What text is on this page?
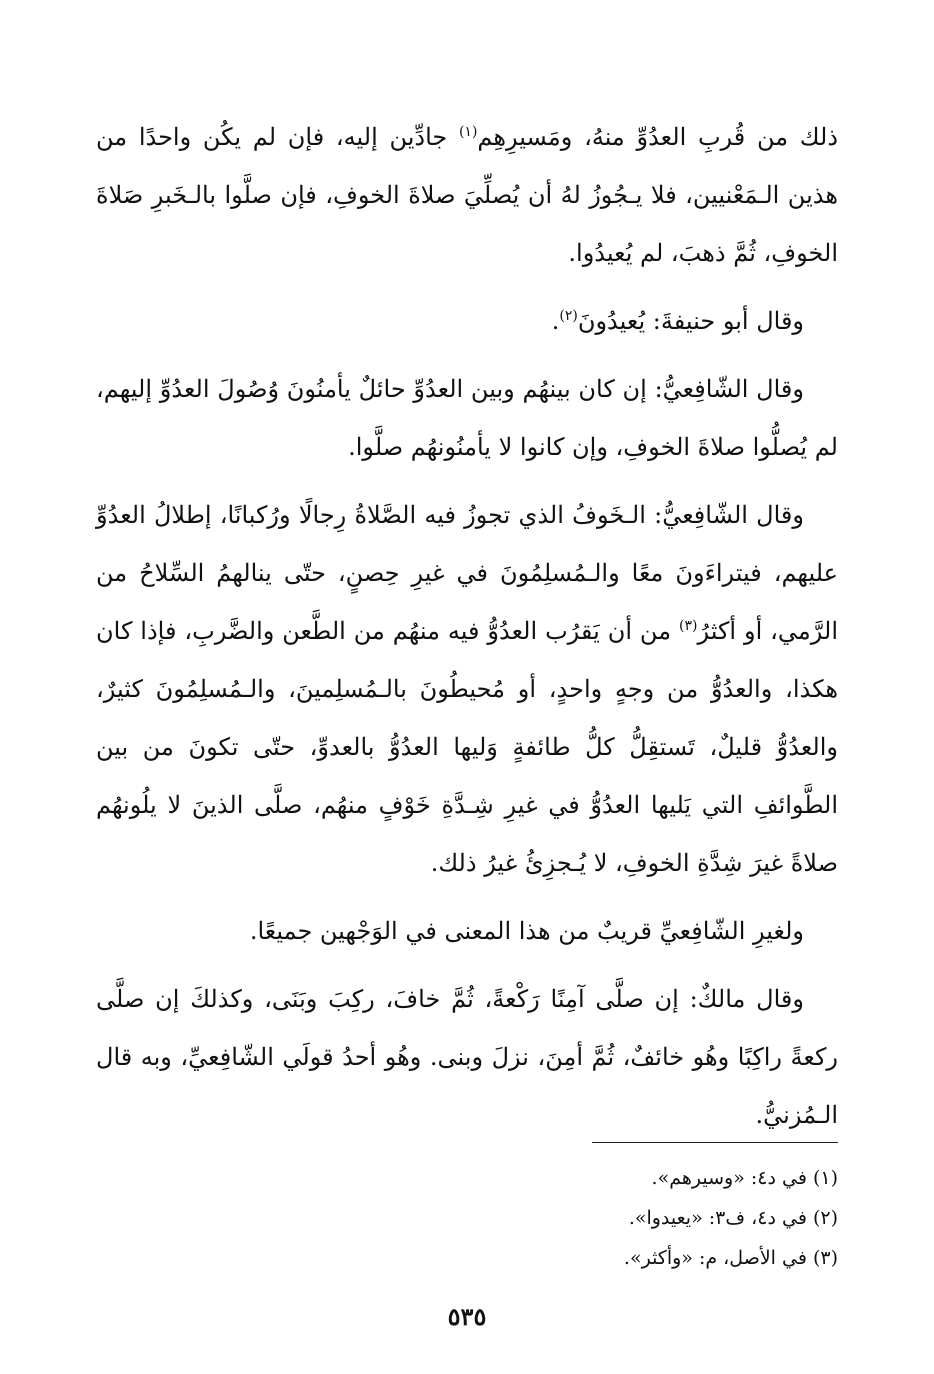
ذلك من قُربِ العدُوِّ منهُ، ومَسيرِهِم$^{(١)}$ جادِّين إليه، فإن لم يكُن واحدًا من هذين الـمَعْنيين، فلا يـجُوزُ لهُ أن يُصلِّيَ صلاةَ الخوفِ، فإن صلَّوا بالـخَبرِ صَلاةَ الخوفِ، ثُمَّ ذهبَ، لم يُعيدُوا.

وقال أبو حنيفةَ: يُعيدُونَ$^{(٢)}$.

وقال الشّافِعيُّ: إن كان بينهُم وبين العدُوِّ حائلٌ يأمنُونَ وُصُولَ العدُوِّ إليهم، لم يُصلُّوا صلاةَ الخوفِ، وإن كانوا لا يأمنُونهُم صلَّوا.

وقال الشّافِعيُّ: الـخَوفُ الذي تجوزُ فيه الصَّلاةُ رِجالًا ورُكبانًا، إطلالُ العدُوِّ عليهم، فيتراءَونَ معًا والـمُسلِمُونَ في غيرِ حِصنٍ، حتّى ينالهمُ السِّلاحُ من الرَّمي، أو أكثرُ$^{(٣)}$ من أن يَقرُب العدُوُّ فيه منهُم من الطَّعن والضَّربِ، فإذا كان هكذا، والعدُوُّ من وجهٍ واحدٍ، أو مُحيطُونَ بالـمُسلِمينَ، والـمُسلِمُونَ كثيرٌ، والعدُوُّ قليلٌ، تَستقِلُّ كلُّ طائفةٍ وَليها العدُوُّ بالعدوِّ، حتّى تكونَ من بين الطَّوائفِ التي يَليها العدُوُّ في غيرِ شِـدَّةِ خَوْفٍ منهُم، صلَّى الذينَ لا يلُونهُم صلاةً غيرَ شِدَّةِ الخوفِ، لا يُـجزِئُ غيرُ ذلك.

ولغيرِ الشّافِعيِّ قريبٌ من هذا المعنى في الوَجْهين جميعًا.

وقال مالكٌ: إن صلَّى آمِنًا رَكْعةً، ثُمَّ خافَ، ركِبَ وبَنَى، وكذلكَ إن صلَّى ركعةً راكِبًا وهُو خائفٌ، ثُمَّ أمِنَ، نزلَ وبنى. وهُو أحدُ قولَي الشّافِعيِّ، وبه قال الـمُزنيُّ.

(١) في د٤: «وسيرهم».

(٢) في د٤، ف٣: «يعيدوا».

(٣) في الأصل، م: «وأكثر».

٥٣٥
